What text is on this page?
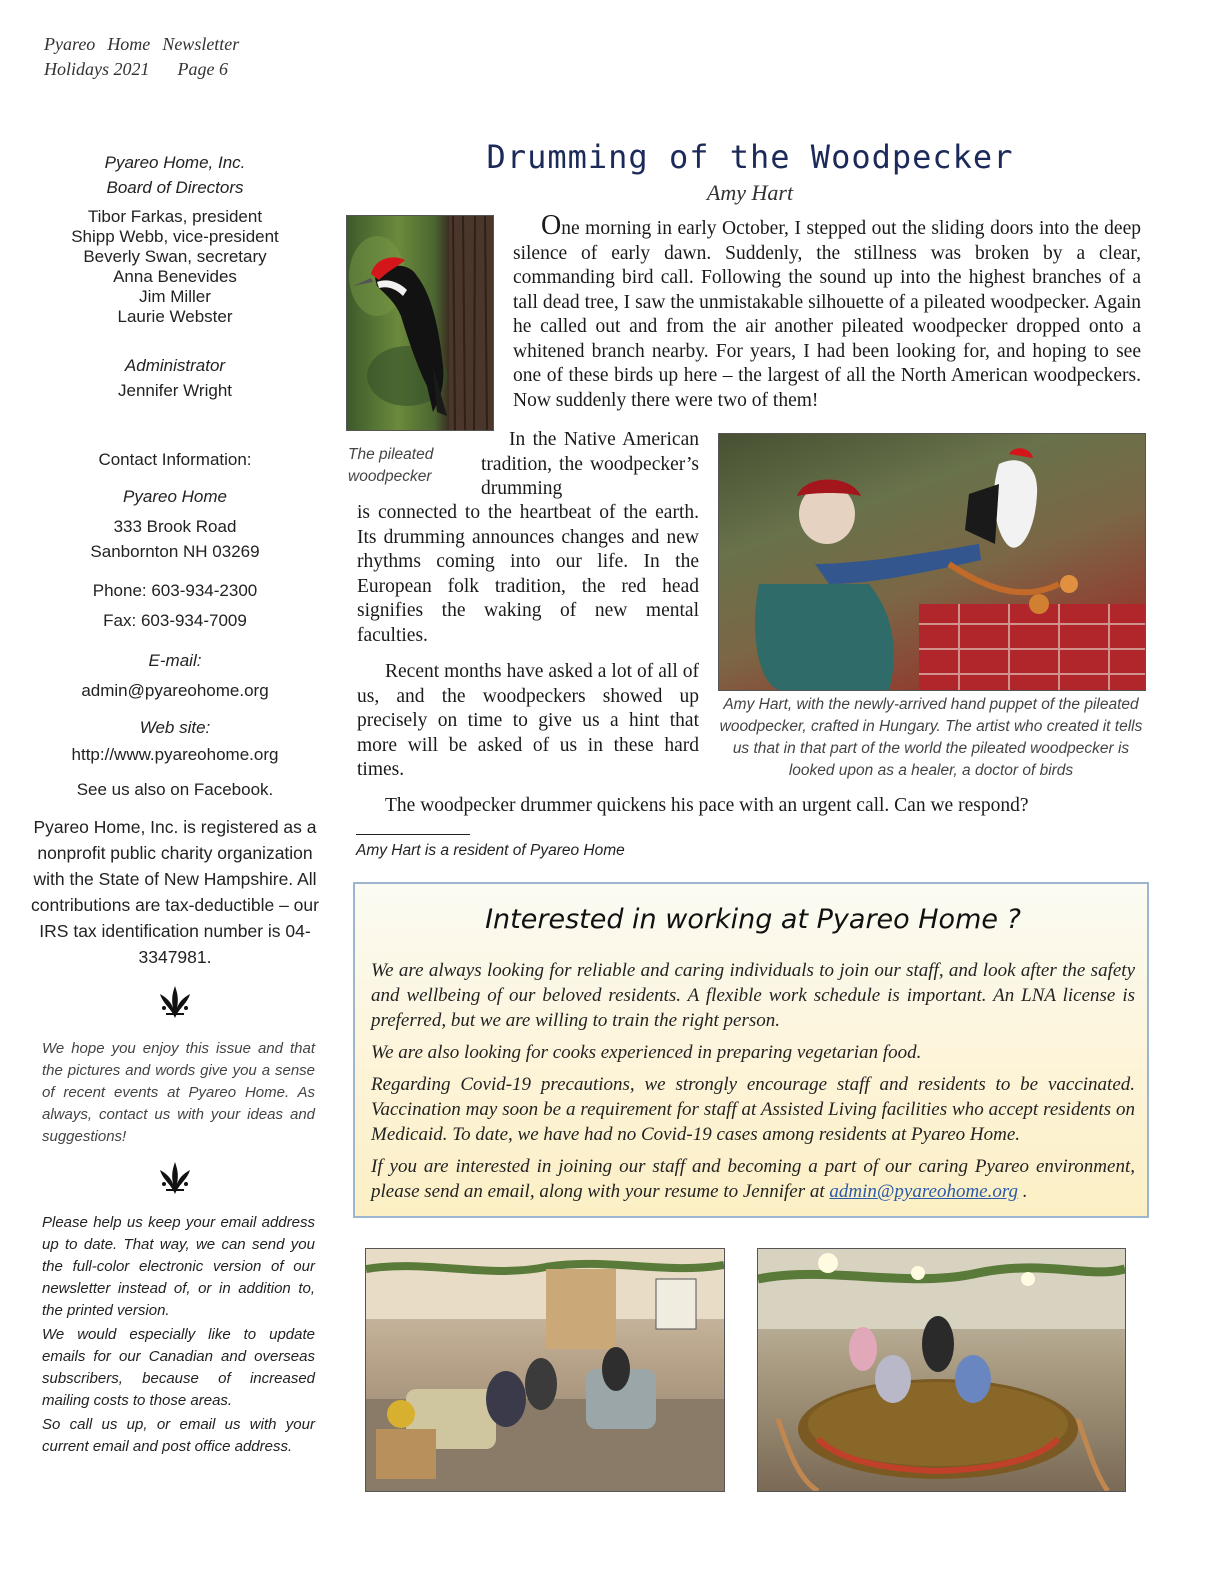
Pyareo Home Newsletter
Holidays 2021 Page 6
Pyareo Home, Inc.
Board of Directors
Tibor Farkas, president
Shipp Webb, vice-president
Beverly Swan, secretary
Anna Benevides
Jim Miller
Laurie Webster
Administrator
Jennifer Wright
Contact Information:
Pyareo Home
333 Brook Road
Sanbornton NH 03269
Phone: 603-934-2300
Fax: 603-934-7009
E-mail:
admin@pyareohome.org
Web site:
http://www.pyareohome.org
See us also on Facebook.
Pyareo Home, Inc. is registered as a nonprofit public charity organization with the State of New Hampshire. All contributions are tax-deductible – our IRS tax identification number is 04-3347981.
We hope you enjoy this issue and that the pictures and words give you a sense of recent events at Pyareo Home. As always, contact us with your ideas and suggestions!
Please help us keep your email address up to date. That way, we can send you the full-color electronic version of our newsletter instead of, or in addition to, the printed version.
We would especially like to update emails for our Canadian and overseas subscribers, because of increased mailing costs to those areas.
So call us up, or email us with your current email and post office address.
Drumming of the Woodpecker
Amy Hart

One morning in early October, I stepped out the sliding doors into the deep silence of early dawn. Suddenly, the stillness was broken by a clear, commanding bird call. Following the sound up into the highest branches of a tall dead tree, I saw the unmistakable silhouette of a pileated woodpecker. Again he called out and from the air another pileated woodpecker dropped onto a whitened branch nearby. For years, I had been looking for, and hoping to see one of these birds up here – the largest of all the North American woodpeckers. Now suddenly there were two of them!

The pileated woodpecker

In the Native American tradition, the woodpecker’s drumming

is connected to the heartbeat of the earth. Its drumming announces changes and new rhythms coming into our life. In the European folk tradition, the red head signifies the waking of new mental faculties.

Recent months have asked a lot of all of us, and the woodpeckers showed up precisely on time to give us a hint that more will be asked of us in these hard times.

Amy Hart, with the newly-arrived hand puppet of the pileated woodpecker, crafted in Hungary. The artist who created it tells us that in that part of the world the pileated woodpecker is looked upon as a healer, a doctor of birds

The woodpecker drummer quickens his pace with an urgent call. Can we respond?

Amy Hart is a resident of Pyareo Home
Interested in working at Pyareo Home ?

We are always looking for reliable and caring individuals to join our staff, and look after the safety and wellbeing of our beloved residents. A flexible work schedule is important. An LNA license is preferred, but we are willing to train the right person.

We are also looking for cooks experienced in preparing vegetarian food.

Regarding Covid-19 precautions, we strongly encourage staff and residents to be vaccinated. Vaccination may soon be a requirement for staff at Assisted Living facilities who accept residents on Medicaid. To date, we have had no Covid-19 cases among residents at Pyareo Home.

If you are interested in joining our staff and becoming a part of our caring Pyareo environment, please send an email, along with your resume to Jennifer at admin@pyareohome.org .
